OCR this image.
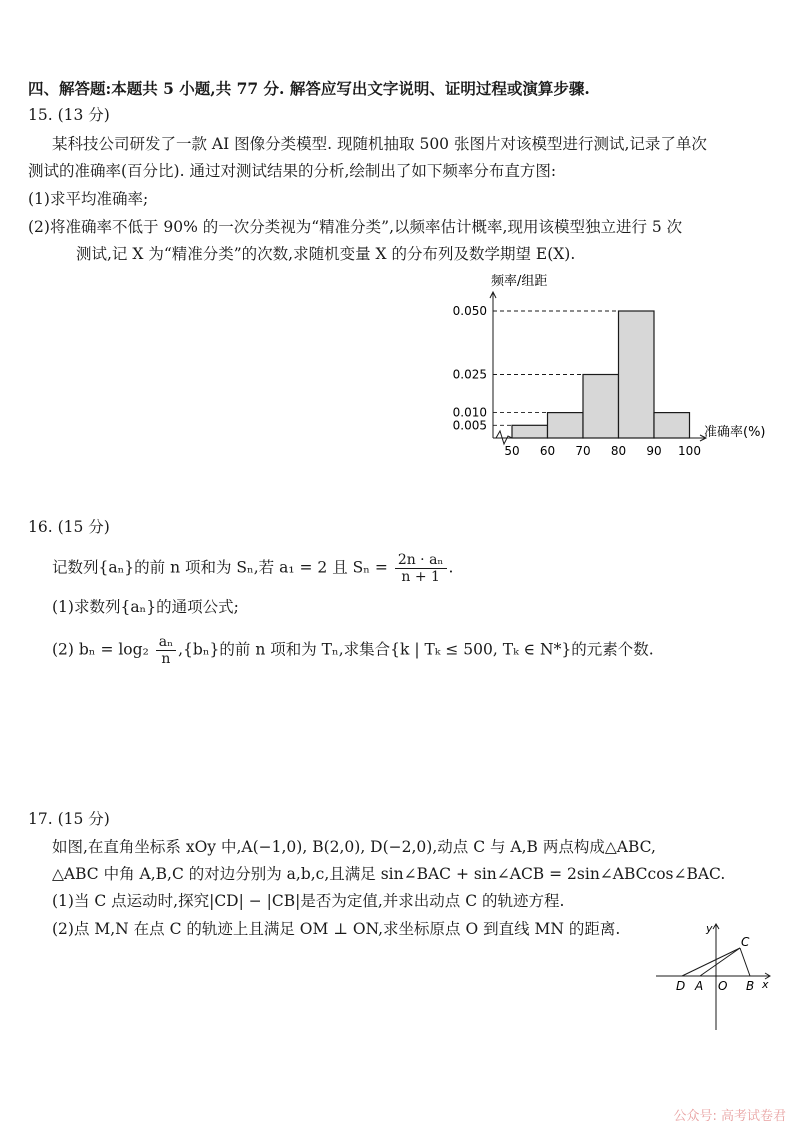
四、解答题:本题共 5 小题,共 77 分. 解答应写出文字说明、证明过程或演算步骤.
15. (13 分)
某科技公司研发了一款 AI 图像分类模型. 现随机抽取 500 张图片对该模型进行测试,记录了单次
测试的准确率(百分比). 通过对测试结果的分析,绘制出了如下频率分布直方图:
(1)求平均准确率;
(2)将准确率不低于 90% 的一次分类视为“精准分类”,以频率估计概率,现用该模型独立进行 5 次
测试,记 X 为“精准分类”的次数,求随机变量 X 的分布列及数学期望 E(X).
0.050
0.025
0.010
0.005
50 60 70 80 90 100
频率/组距
准确率(%)
16. (15 分)
记数列{aₙ}的前 n 项和为 Sₙ,若 a₁ = 2 且 $S_n = \frac{\text{2n · aₙ}}{n + 1}$ .
(1)求数列{aₙ}的通项公式;
(2) $b_n = \log_2 \frac{\text{aₙ}}{n} ,\{b_n\}$的前 n 项和为 Tₙ,求集合{k | Tₖ ≤ 500, Tₖ ∈ N*}的元素个数.
17. (15 分)
如图,在直角坐标系 xOy 中,A(−1,0), B(2,0), D(−2,0),动点 C 与 A,B 两点构成△ABC,
△ABC 中角 A,B,C 的对边分别为 a,b,c,且满足 sin∠BAC + sin∠ACB = 2sin∠ABCcos∠BAC.
(1)当 C 点运动时,探究|CD| − |CB|是否为定值,并求出动点 C 的轨迹方程.
(2)点 M,N 在点 C 的轨迹上且满足 OM ⊥ ON,求坐标原点 O 到直线 MN 的距离.	y
x
C
D A O B
公众号: 高考试卷君
